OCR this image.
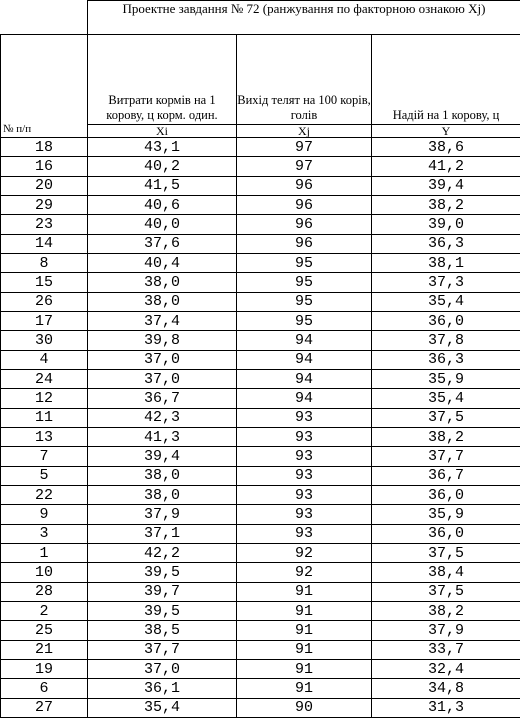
	Проектне завдання № 72 (ранжування по факторною ознакою Xj)		
№ п/п	Витрати кормів на 1 корову, ц корм. один.	Вихід телят на 100 корів, голів	Надій на 1 корову, ц
	Xi	Xj	Y
18	43,1	97	38,6
16	40,2	97	41,2
20	41,5	96	39,4
29	40,6	96	38,2
23	40,0	96	39,0
14	37,6	96	36,3
8	40,4	95	38,1
15	38,0	95	37,3
26	38,0	95	35,4
17	37,4	95	36,0
30	39,8	94	37,8
4	37,0	94	36,3
24	37,0	94	35,9
12	36,7	94	35,4
11	42,3	93	37,5
13	41,3	93	38,2
7	39,4	93	37,7
5	38,0	93	36,7
22	38,0	93	36,0
9	37,9	93	35,9
3	37,1	93	36,0
1	42,2	92	37,5
10	39,5	92	38,4
28	39,7	91	37,5
2	39,5	91	38,2
25	38,5	91	37,9
21	37,7	91	33,7
19	37,0	91	32,4
6	36,1	91	34,8
27	35,4	90	31,3
